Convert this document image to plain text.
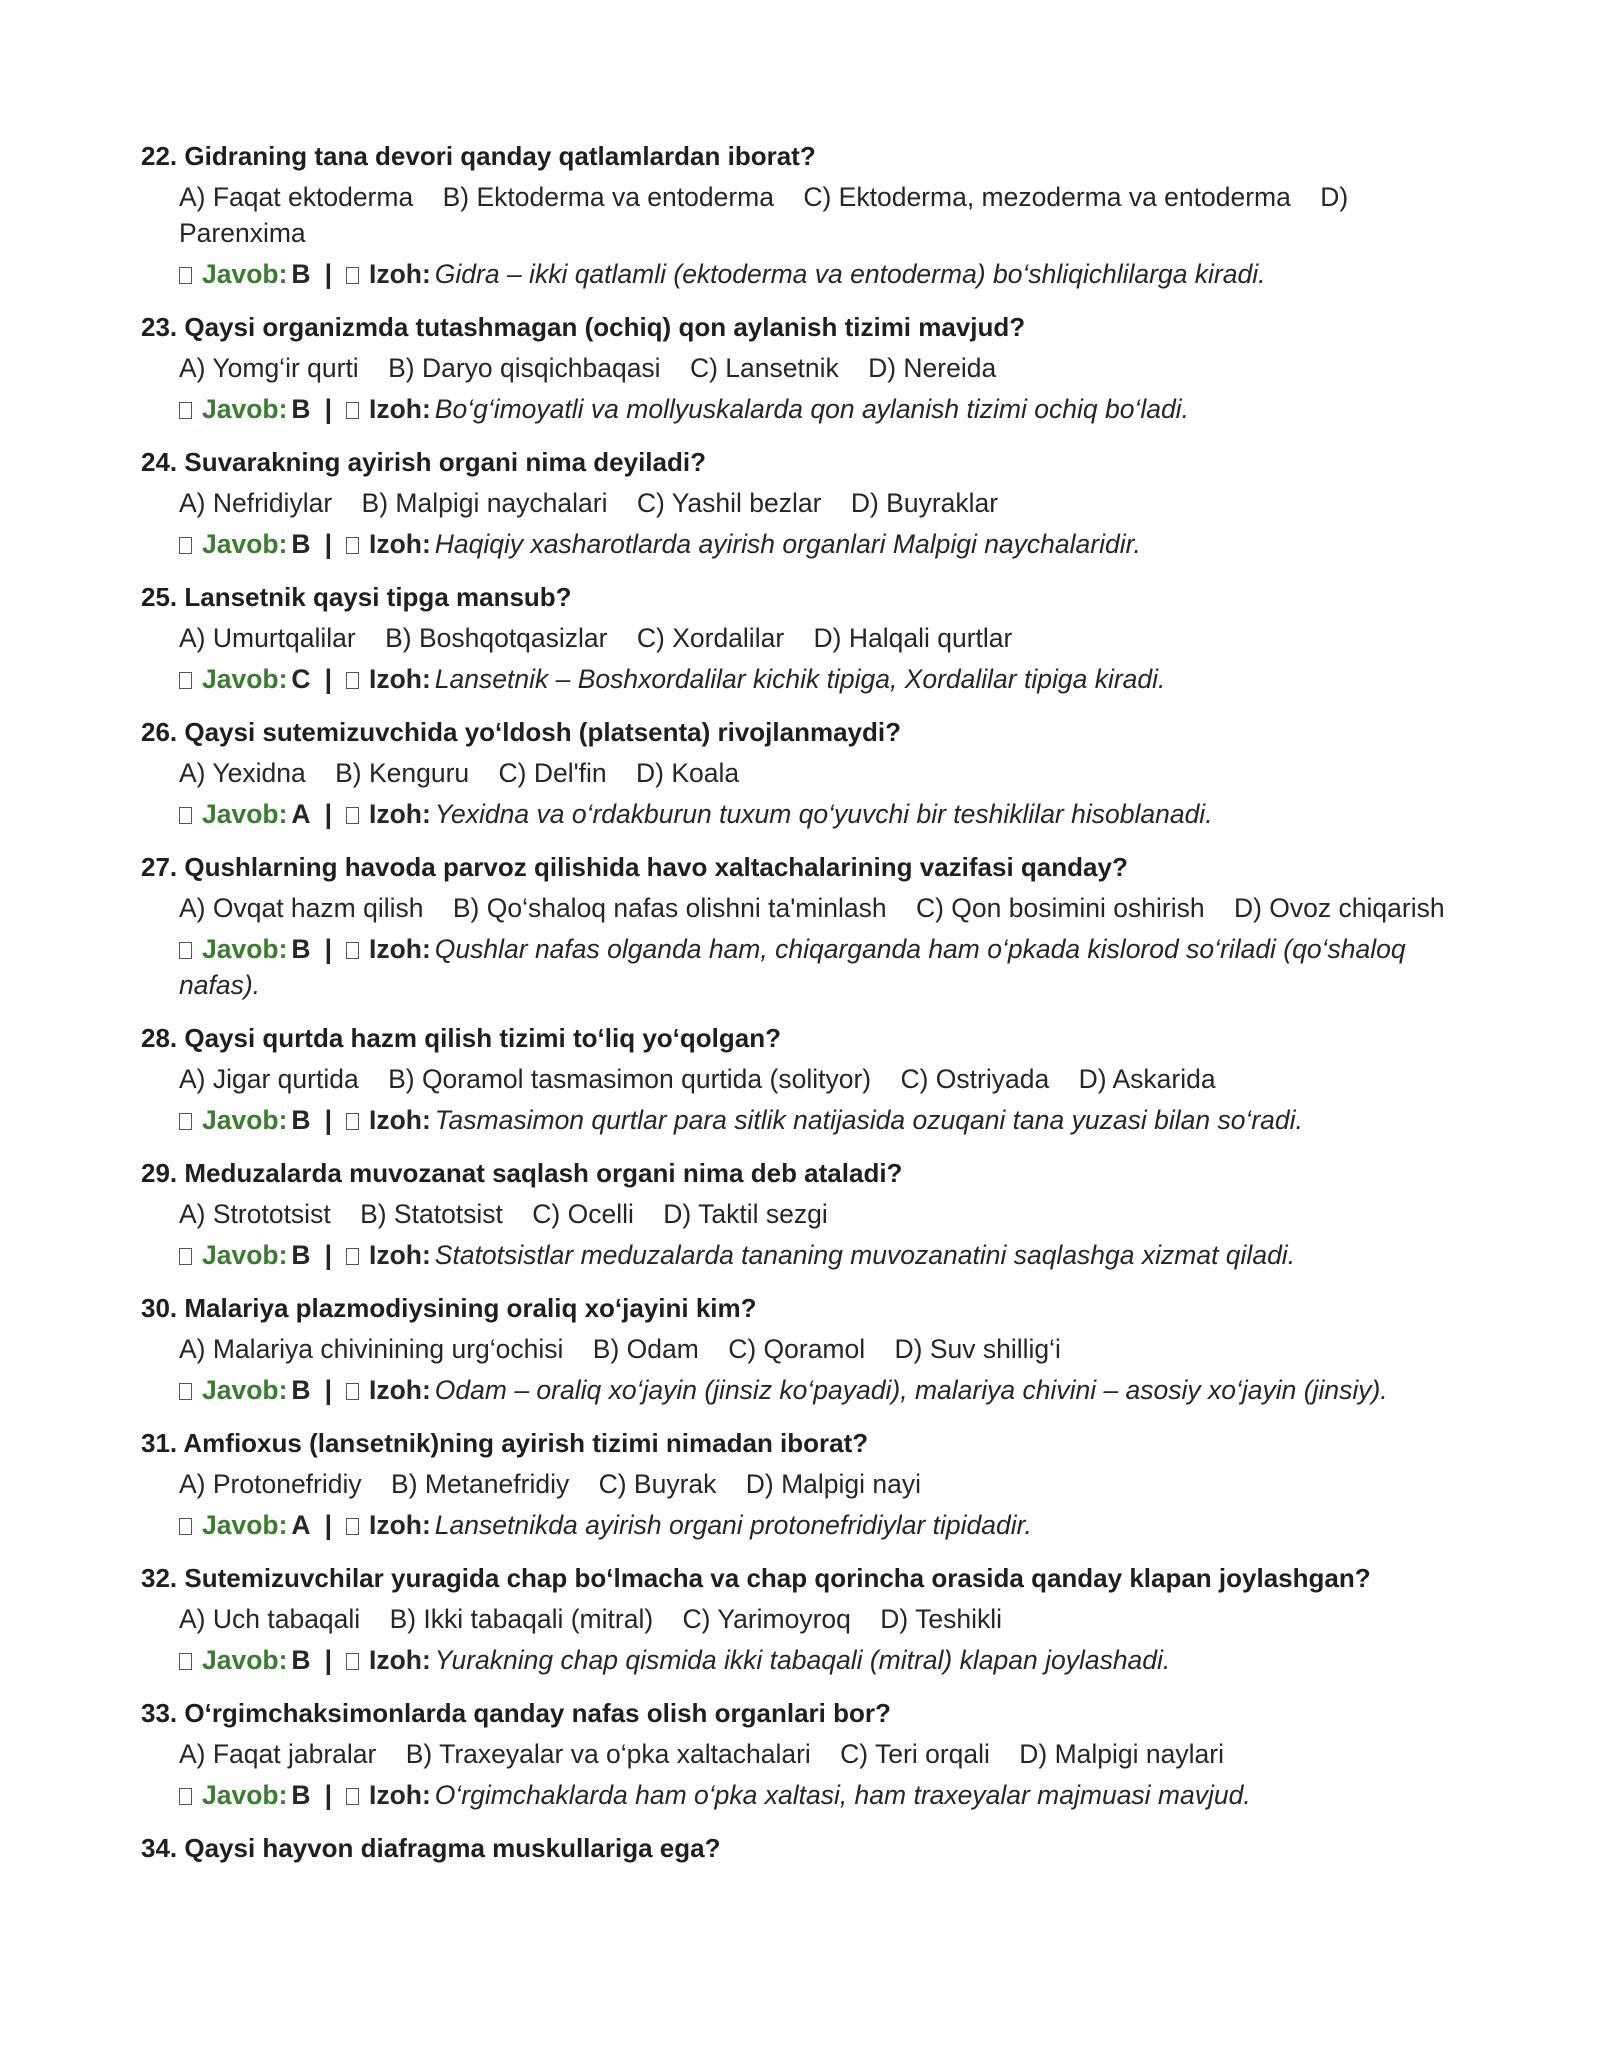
22. Gidraning tana devori qanday qatlamlardan iborat?
A) Faqat ektoderma B) Ektoderma va entoderma C) Ektoderma, mezoderma va entoderma D) Parenxima
Javob: B | Izoh: Gidra – ikki qatlamli (ektoderma va entoderma) bo‘shliqichlilarga kiradi.
23. Qaysi organizmda tutashmagan (ochiq) qon aylanish tizimi mavjud?
A) Yomg‘ir qurti B) Daryo qisqichbaqasi C) Lansetnik D) Nereida
Javob: B | Izoh: Bo‘g‘imoyatli va mollyuskalarda qon aylanish tizimi ochiq bo‘ladi.
24. Suvarakning ayirish organi nima deyiladi?
A) Nefridiylar B) Malpigi naychalari C) Yashil bezlar D) Buyraklar
Javob: B | Izoh: Haqiqiy xasharotlarda ayirish organlari Malpigi naychalaridir.
25. Lansetnik qaysi tipga mansub?
A) Umurtqalilar B) Boshqotqasizlar C) Xordalilar D) Halqali qurtlar
Javob: C | Izoh: Lansetnik – Boshxordalilar kichik tipiga, Xordalilar tipiga kiradi.
26. Qaysi sutemizuvchida yo‘ldosh (platsenta) rivojlanmaydi?
A) Yexidna B) Kenguru C) Del'fin D) Koala
Javob: A | Izoh: Yexidna va o‘rdakburun tuxum qo‘yuvchi bir teshiklilar hisoblanadi.
27. Qushlarning havoda parvoz qilishida havo xaltachalarining vazifasi qanday?
A) Ovqat hazm qilish B) Qo‘shaloq nafas olishni ta'minlash C) Qon bosimini oshirish D) Ovoz chiqarish
Javob: B | Izoh: Qushlar nafas olganda ham, chiqarganda ham o‘pkada kislorod so‘riladi (qo‘shaloq nafas).
28. Qaysi qurtda hazm qilish tizimi to‘liq yo‘qolgan?
A) Jigar qurtida B) Qoramol tasmasimon qurtida (solityor) C) Ostriyada D) Askarida
Javob: B | Izoh: Tasmasimon qurtlar para sitlik natijasida ozuqani tana yuzasi bilan so‘radi.
29. Meduzalarda muvozanat saqlash organi nima deb ataladi?
A) Strototsist B) Statotsist C) Ocelli D) Taktil sezgi
Javob: B | Izoh: Statotsistlar meduzalarda tananing muvozanatini saqlashga xizmat qiladi.
30. Malariya plazmodiysining oraliq xo‘jayini kim?
A) Malariya chivinining urg‘ochisi B) Odam C) Qoramol D) Suv shillig‘i
Javob: B | Izoh: Odam – oraliq xo‘jayin (jinsiz ko‘payadi), malariya chivini – asosiy xo‘jayin (jinsiy).
31. Amfioxus (lansetnik)ning ayirish tizimi nimadan iborat?
A) Protonefridiy B) Metanefridiy C) Buyrak D) Malpigi nayi
Javob: A | Izoh: Lansetnikda ayirish organi protonefridiylar tipidadir.
32. Sutemizuvchilar yuragida chap bo‘lmacha va chap qorincha orasida qanday klapan joylashgan?
A) Uch tabaqali B) Ikki tabaqali (mitral) C) Yarimoyroq D) Teshikli
Javob: B | Izoh: Yurakning chap qismida ikki tabaqali (mitral) klapan joylashadi.
33. O‘rgimchaksimonlarda qanday nafas olish organlari bor?
A) Faqat jabralar B) Traxeyalar va o‘pka xaltachalari C) Teri orqali D) Malpigi naylari
Javob: B | Izoh: O‘rgimchaklarda ham o‘pka xaltasi, ham traxeyalar majmuasi mavjud.
34. Qaysi hayvon diafragma muskullariga ega?
